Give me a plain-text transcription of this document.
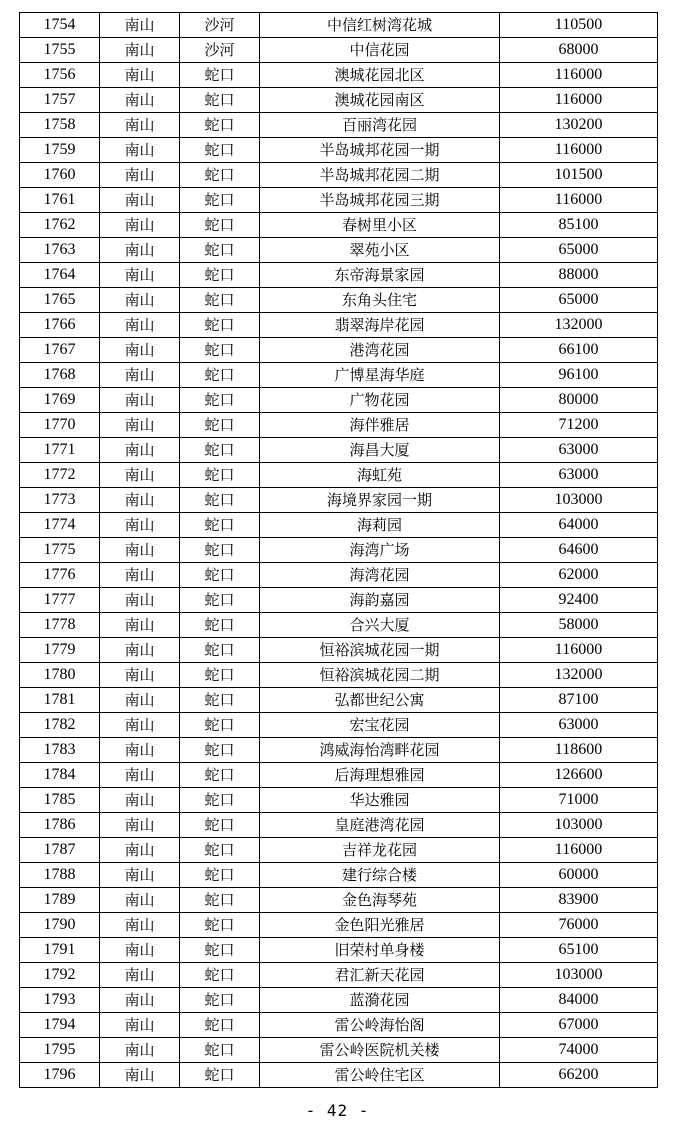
1754	南山	沙河	中信红树湾花城	110500
1755	南山	沙河	中信花园	68000
1756	南山	蛇口	澳城花园北区	116000
1757	南山	蛇口	澳城花园南区	116000
1758	南山	蛇口	百丽湾花园	130200
1759	南山	蛇口	半岛城邦花园一期	116000
1760	南山	蛇口	半岛城邦花园二期	101500
1761	南山	蛇口	半岛城邦花园三期	116000
1762	南山	蛇口	春树里小区	85100
1763	南山	蛇口	翠苑小区	65000
1764	南山	蛇口	东帝海景家园	88000
1765	南山	蛇口	东角头住宅	65000
1766	南山	蛇口	翡翠海岸花园	132000
1767	南山	蛇口	港湾花园	66100
1768	南山	蛇口	广博星海华庭	96100
1769	南山	蛇口	广物花园	80000
1770	南山	蛇口	海伴雅居	71200
1771	南山	蛇口	海昌大厦	63000
1772	南山	蛇口	海虹苑	63000
1773	南山	蛇口	海境界家园一期	103000
1774	南山	蛇口	海莉园	64000
1775	南山	蛇口	海湾广场	64600
1776	南山	蛇口	海湾花园	62000
1777	南山	蛇口	海韵嘉园	92400
1778	南山	蛇口	合兴大厦	58000
1779	南山	蛇口	恒裕滨城花园一期	116000
1780	南山	蛇口	恒裕滨城花园二期	132000
1781	南山	蛇口	弘都世纪公寓	87100
1782	南山	蛇口	宏宝花园	63000
1783	南山	蛇口	鸿威海怡湾畔花园	118600
1784	南山	蛇口	后海理想雅园	126600
1785	南山	蛇口	华达雅园	71000
1786	南山	蛇口	皇庭港湾花园	103000
1787	南山	蛇口	吉祥龙花园	116000
1788	南山	蛇口	建行综合楼	60000
1789	南山	蛇口	金色海琴苑	83900
1790	南山	蛇口	金色阳光雅居	76000
1791	南山	蛇口	旧荣村单身楼	65100
1792	南山	蛇口	君汇新天花园	103000
1793	南山	蛇口	蓝漪花园	84000
1794	南山	蛇口	雷公岭海怡阁	67000
1795	南山	蛇口	雷公岭医院机关楼	74000
1796	南山	蛇口	雷公岭住宅区	66200
- 42 -
